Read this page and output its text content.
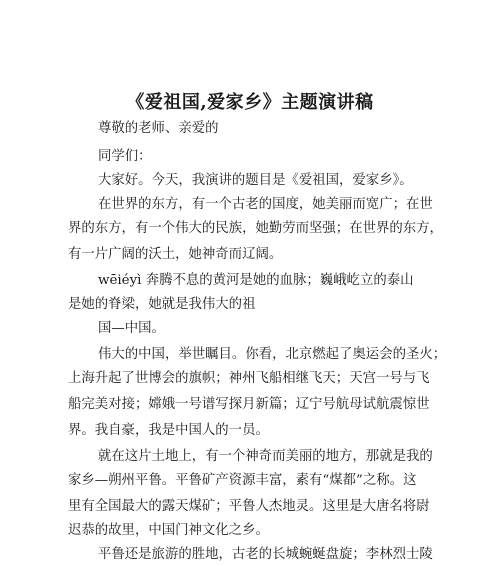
《爱祖国,爱家乡》主题演讲稿
尊敬的老师、亲爱的
同学们：
大家好。今天，我演讲的题目是《爱祖国，爱家乡》。
在世界的东方，有一个古老的国度，她美丽而宽广；在世
界的东方，有一个伟大的民族，她勤劳而坚强；在世界的东方，
有一片广阔的沃土，她神奇而辽阔。
wēiéyì 奔腾不息的黄河是她的血脉；巍峨屹立的泰山
是她的脊梁，她就是我伟大的祖
国—中国。
伟大的中国，举世瞩目。你看，北京燃起了奥运会的圣火；
上海升起了世博会的旗帜；神州飞船相继飞天；天宫一号与飞
船完美对接；嫦娥一号谱写探月新篇；辽宁号航母试航震惊世
界。我自豪，我是中国人的一员。
就在这片土地上，有一个神奇而美丽的地方，那就是我的
家乡—朔州平鲁。平鲁矿产资源丰富，素有“煤都”之称。这
里有全国最大的露天煤矿；平鲁人杰地灵。这里是大唐名将尉
迟恭的故里，中国门神文化之乡。
平鲁还是旅游的胜地，古老的长城蜿蜒盘旋；李林烈士陵
